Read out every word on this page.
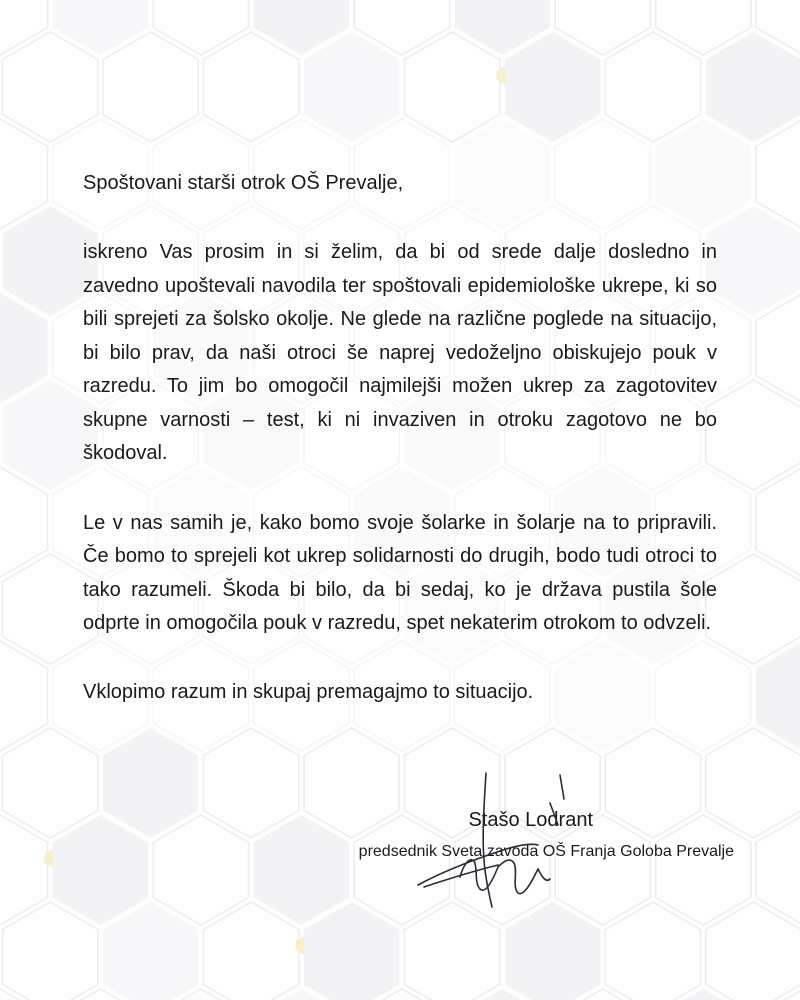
Spoštovani starši otrok OŠ Prevalje,

iskreno Vas prosim in si želim, da bi od srede dalje dosledno in zavedno upoštevali navodila ter spoštovali epidemiološke ukrepe, ki so bili sprejeti za šolsko okolje. Ne glede na različne poglede na situacijo, bi bilo prav, da naši otroci še naprej vedoželjno obiskujejo pouk v razredu. To jim bo omogočil najmilejši možen ukrep za zagotovitev skupne varnosti – test, ki ni invaziven in otroku zagotovo ne bo škodoval.

Le v nas samih je, kako bomo svoje šolarke in šolarje na to pripravili. Če bomo to sprejeli kot ukrep solidarnosti do drugih, bodo tudi otroci to tako razumeli. Škoda bi bilo, da bi sedaj, ko je država pustila šole odprte in omogočila pouk v razredu, spet nekaterim otrokom to odvzeli.

Vklopimo razum in skupaj premagajmo to situacijo.

Stašo Lodrant
predsednik Sveta zavoda OŠ Franja Goloba Prevalje
